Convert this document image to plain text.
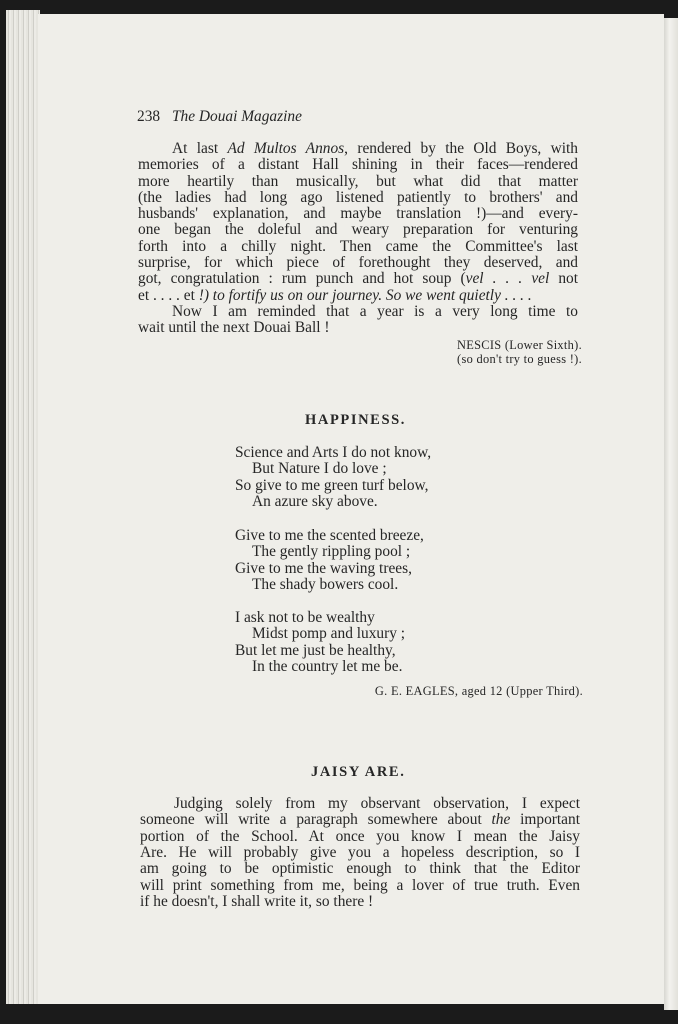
238 The Douai Magazine
At last Ad Multos Annos, rendered by the Old Boys, with
memories of a distant Hall shining in their faces—rendered
more heartily than musically, but what did that matter
(the ladies had long ago listened patiently to brothers' and
husbands' explanation, and maybe translation !)—and every-
one began the doleful and weary preparation for venturing
forth into a chilly night. Then came the Committee's last
surprise, for which piece of forethought they deserved, and
got, congratulation : rum punch and hot soup (vel . . . vel not
et . . . . et !) to fortify us on our journey. So we went quietly . . . .
Now I am reminded that a year is a very long time to
wait until the next Douai Ball !
NESCIS (Lower Sixth).
(so don't try to guess !).
HAPPINESS.
Science and Arts I do not know,
But Nature I do love ;
So give to me green turf below,
An azure sky above.
Give to me the scented breeze,
The gently rippling pool ;
Give to me the waving trees,
The shady bowers cool.
I ask not to be wealthy
Midst pomp and luxury ;
But let me just be healthy,
In the country let me be.
G. E. EAGLES, aged 12 (Upper Third).
JAISY ARE.
Judging solely from my observant observation, I expect
someone will write a paragraph somewhere about the important
portion of the School. At once you know I mean the Jaisy
Are. He will probably give you a hopeless description, so I
am going to be optimistic enough to think that the Editor
will print something from me, being a lover of true truth. Even
if he doesn't, I shall write it, so there !
